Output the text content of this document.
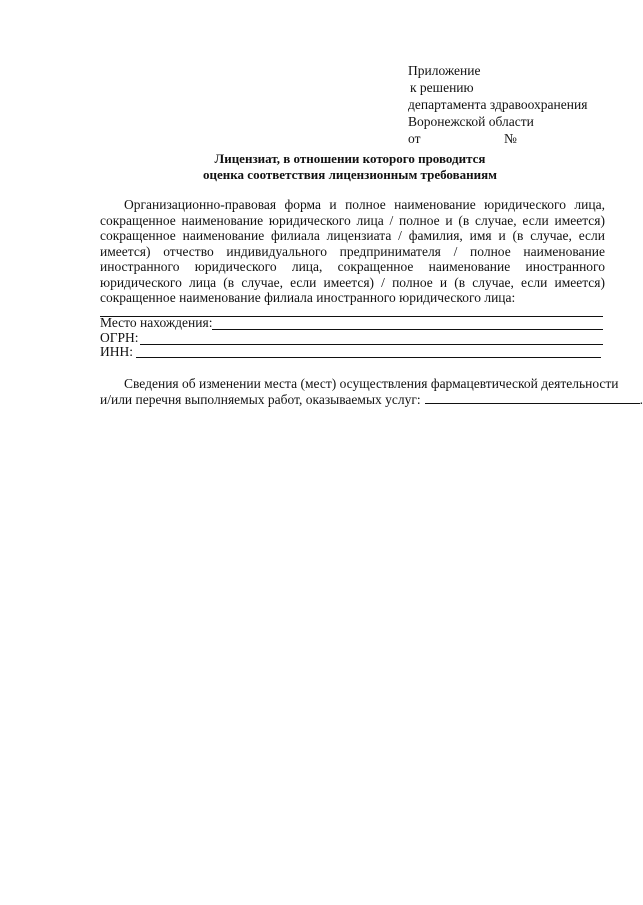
Приложение
к решению
департамента здравоохранения
Воронежской области
от	№
Лицензиат, в отношении которого проводится
оценка соответствия лицензионным требованиям

Организационно-правовая форма и полное наименование юридического лица, сокращенное наименование юридического лица / полное и (в случае, если имеется) сокращенное наименование филиала лицензиата / фамилия, имя и (в случае, если имеется) отчество индивидуального предпринимателя / полное наименование иностранного юридического лица, сокращенное наименование иностранного юридического лица (в случае, если имеется) / полное и (в случае, если имеется) сокращенное наименование филиала иностранного юридического лица:

Место нахождения:
ОГРН:
ИНН:
Сведения об изменении места (мест) осуществления фармацевтической деятельности
и/или перечня выполняемых работ, оказываемых услуг:	.
